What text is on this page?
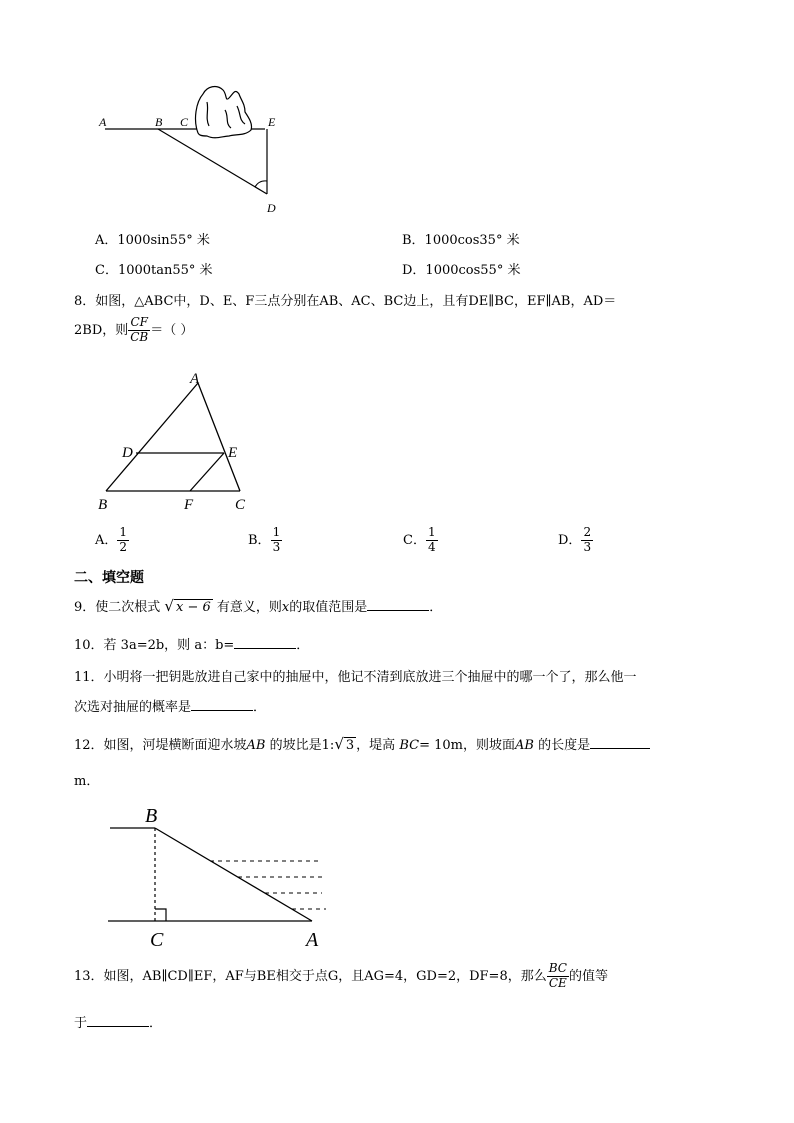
A	B C	E
D
A．1000sin55° 米	B．1000cos35° 米
C．1000tan55° 米	D．1000cos55° 米
8．如图，△ABC中，D、E、F三点分别在AB、AC、BC边上，且有DE∥BC，EF∥AB，AD＝
2BD，则 $\frac{CF}{CB}$ ＝（ ）
A
D	E
B	F	C
A． $\frac{1}{2}$	B． $\frac{1}{3}$	C． $\frac{1}{4}$	D． $\frac{2}{3}$
二、填空题
9．使二次根式 √ x − 6 有意义，则x的取值范围是	．
10．若 3a=2b，则 a：b=	．
11．小明将一把钥匙放进自己家中的抽屉中，他记不清到底放进三个抽屉中的哪一个了，那么他一
次选对抽屉的概率是	．
12．如图，河堤横断面迎水坡AB 的坡比是1:√ 3 ，堤高 BC= 10m，则坡面AB 的长度是
m．
B
C	A
13．如图，AB∥CD∥EF，AF与BE相交于点G，且AG=4，GD=2，DF=8，那么 $\frac{BC}{CE}$ 的值等
于	．
